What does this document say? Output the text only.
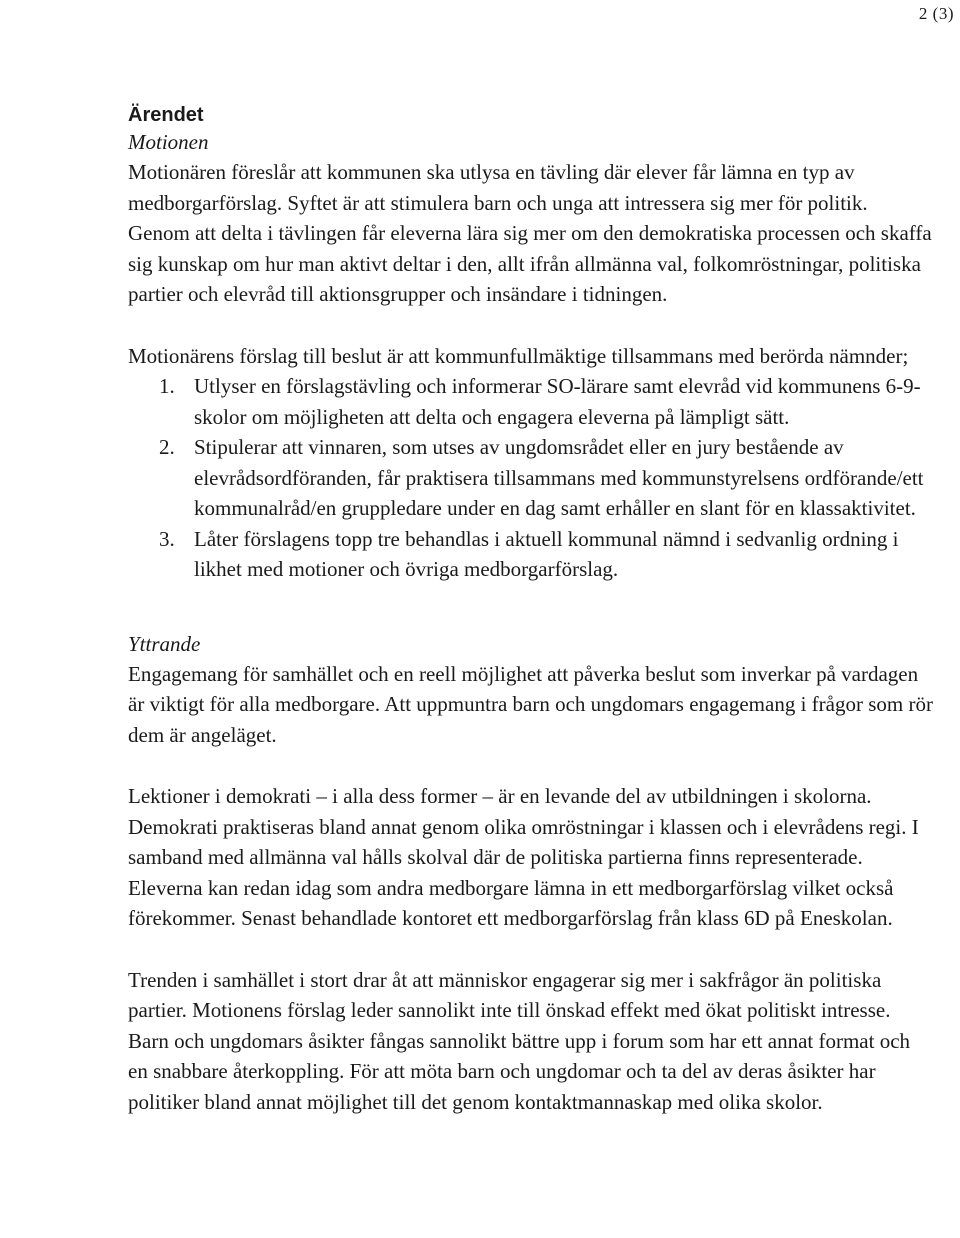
2 (3)
Ärendet
Motionen

Motionären föreslår att kommunen ska utlysa en tävling där elever får lämna en typ av medborgarförslag. Syftet är att stimulera barn och unga att intressera sig mer för politik. Genom att delta i tävlingen får eleverna lära sig mer om den demokratiska processen och skaffa sig kunskap om hur man aktivt deltar i den, allt ifrån allmänna val, folkomröstningar, politiska partier och elevråd till aktionsgrupper och insändare i tidningen.

Motionärens förslag till beslut är att kommunfullmäktige tillsammans med berörda nämnder;

1. Utlyser en förslagstävling och informerar SO-lärare samt elevråd vid kommunens 6-9-skolor om möjligheten att delta och engagera eleverna på lämpligt sätt.
2. Stipulerar att vinnaren, som utses av ungdomsrådet eller en jury bestående av elevrådsordföranden, får praktisera tillsammans med kommunstyrelsens ordförande/ett kommunalråd/en gruppledare under en dag samt erhåller en slant för en klassaktivitet.
3. Låter förslagens topp tre behandlas i aktuell kommunal nämnd i sedvanlig ordning i likhet med motioner och övriga medborgarförslag.
Yttrande

Engagemang för samhället och en reell möjlighet att påverka beslut som inverkar på vardagen är viktigt för alla medborgare. Att uppmuntra barn och ungdomars engagemang i frågor som rör dem är angeläget.

Lektioner i demokrati – i alla dess former – är en levande del av utbildningen i skolorna. Demokrati praktiseras bland annat genom olika omröstningar i klassen och i elevrådens regi. I samband med allmänna val hålls skolval där de politiska partierna finns representerade. Eleverna kan redan idag som andra medborgare lämna in ett medborgarförslag vilket också förekommer. Senast behandlade kontoret ett medborgarförslag från klass 6D på Eneskolan.

Trenden i samhället i stort drar åt att människor engagerar sig mer i sakfrågor än politiska partier. Motionens förslag leder sannolikt inte till önskad effekt med ökat politiskt intresse. Barn och ungdomars åsikter fångas sannolikt bättre upp i forum som har ett annat format och en snabbare återkoppling. För att möta barn och ungdomar och ta del av deras åsikter har politiker bland annat möjlighet till det genom kontaktmannaskap med olika skolor.
